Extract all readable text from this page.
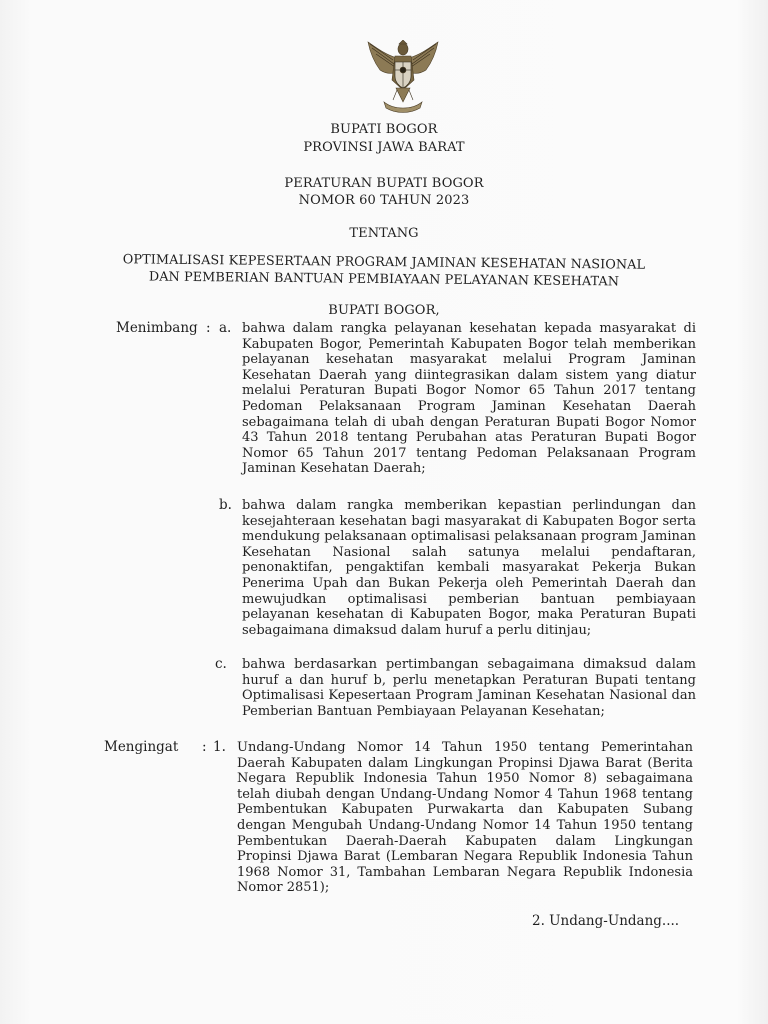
BUPATI BOGOR
PROVINSI JAWA BARAT
PERATURAN BUPATI BOGOR
NOMOR 60 TAHUN 2023
TENTANG
OPTIMALISASI KEPESERTAAN PROGRAM JAMINAN KESEHATAN NASIONAL
DAN PEMBERIAN BANTUAN PEMBIAYAAN PELAYANAN KESEHATAN
BUPATI BOGOR,
Menimbang : a. bahwa dalam rangka pelayanan kesehatan kepada masyarakat di Kabupaten Bogor, Pemerintah Kabupaten Bogor telah memberikan pelayanan kesehatan masyarakat melalui Program Jaminan Kesehatan Daerah yang diintegrasikan dalam sistem yang diatur melalui Peraturan Bupati Bogor Nomor 65 Tahun 2017 tentang Pedoman Pelaksanaan Program Jaminan Kesehatan Daerah sebagaimana telah di ubah dengan Peraturan Bupati Bogor Nomor 43 Tahun 2018 tentang Perubahan atas Peraturan Bupati Bogor Nomor 65 Tahun 2017 tentang Pedoman Pelaksanaan Program Jaminan Kesehatan Daerah;

b. bahwa dalam rangka memberikan kepastian perlindungan dan kesejahteraan kesehatan bagi masyarakat di Kabupaten Bogor serta mendukung pelaksanaan optimalisasi pelaksanaan program Jaminan Kesehatan Nasional salah satunya melalui pendaftaran, penonaktifan, pengaktifan kembali masyarakat Pekerja Bukan Penerima Upah dan Bukan Pekerja oleh Pemerintah Daerah dan mewujudkan optimalisasi pemberian bantuan pembiayaan pelayanan kesehatan di Kabupaten Bogor, maka Peraturan Bupati sebagaimana dimaksud dalam huruf a perlu ditinjau;

c. bahwa berdasarkan pertimbangan sebagaimana dimaksud dalam huruf a dan huruf b, perlu menetapkan Peraturan Bupati tentang Optimalisasi Kepesertaan Program Jaminan Kesehatan Nasional dan Pemberian Bantuan Pembiayaan Pelayanan Kesehatan;

Mengingat : 1. Undang-Undang Nomor 14 Tahun 1950 tentang Pemerintahan Daerah Kabupaten dalam Lingkungan Propinsi Djawa Barat (Berita Negara Republik Indonesia Tahun 1950 Nomor 8) sebagaimana telah diubah dengan Undang-Undang Nomor 4 Tahun 1968 tentang Pembentukan Kabupaten Purwakarta dan Kabupaten Subang dengan Mengubah Undang-Undang Nomor 14 Tahun 1950 tentang Pembentukan Daerah-Daerah Kabupaten dalam Lingkungan Propinsi Djawa Barat (Lembaran Negara Republik Indonesia Tahun 1968 Nomor 31, Tambahan Lembaran Negara Republik Indonesia Nomor 2851);

2. Undang-Undang....
